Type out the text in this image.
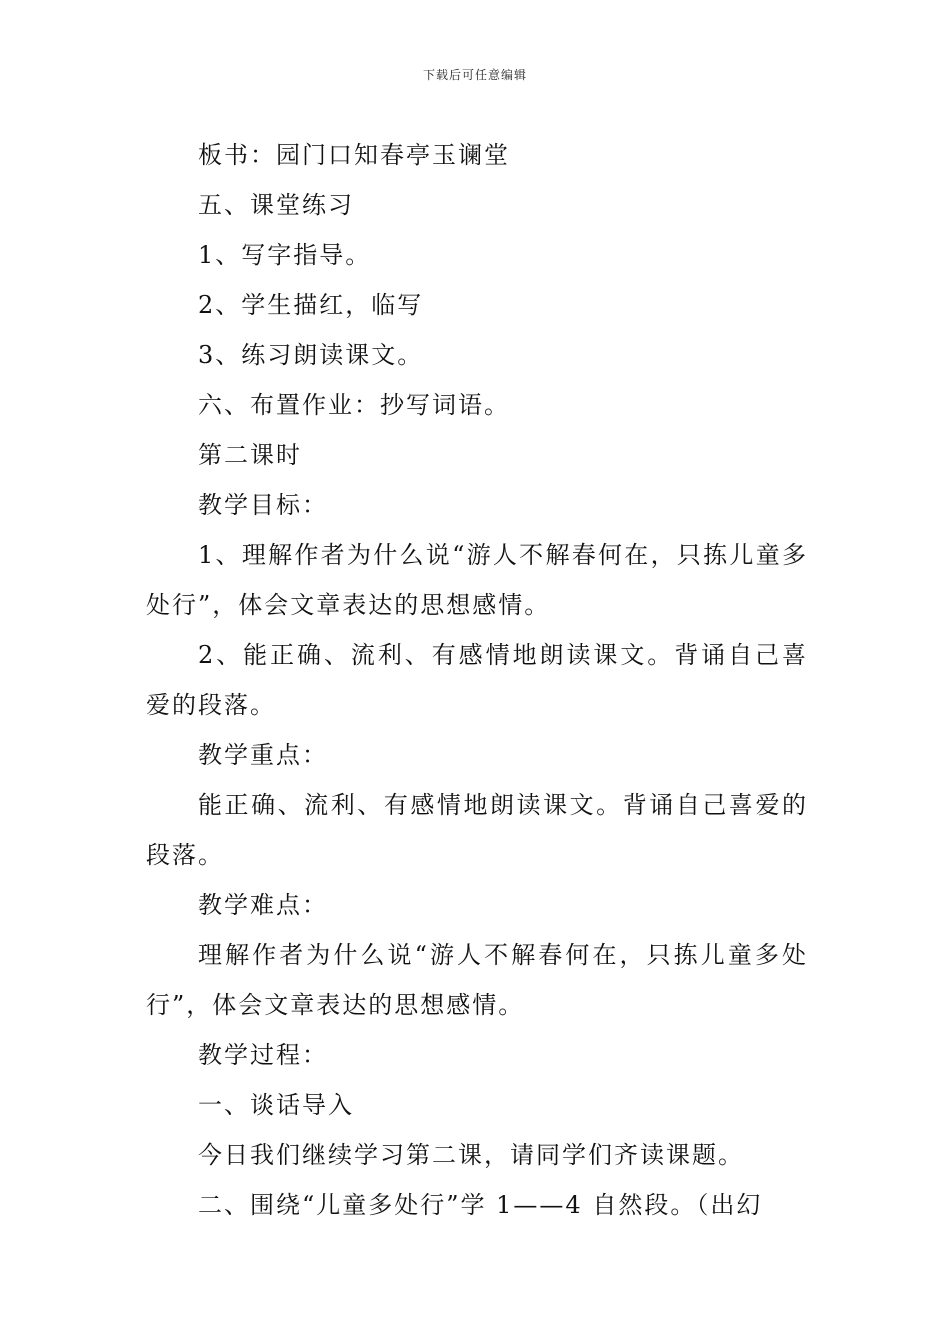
下载后可任意编辑

板书：园门口知春亭玉谰堂

五、课堂练习

1、写字指导。

2、学生描红，临写

3、练习朗读课文。

六、布置作业：抄写词语。

第二课时

教学目标：

1、理解作者为什么说“游人不解春何在，只拣儿童多处行”，体会文章表达的思想感情。

2、能正确、流利、有感情地朗读课文。背诵自己喜爱的段落。

教学重点：

能正确、流利、有感情地朗读课文。背诵自己喜爱的段落。

教学难点：

理解作者为什么说“游人不解春何在，只拣儿童多处行”，体会文章表达的思想感情。

教学过程：

一、谈话导入

今日我们继续学习第二课，请同学们齐读课题。

二、围绕“儿童多处行”学 1——4 自然段。（出幻
